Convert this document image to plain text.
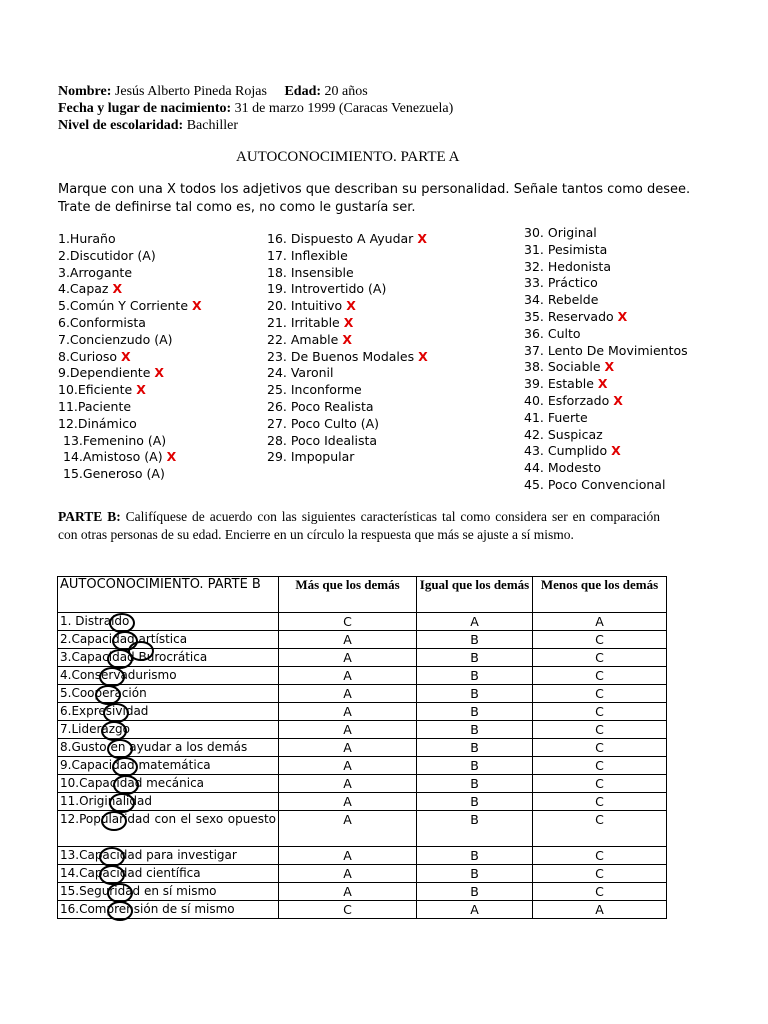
Nombre: Jesús Alberto Pineda Rojas Edad: 20 años
Fecha y lugar de nacimiento: 31 de marzo 1999 (Caracas Venezuela)
Nivel de escolaridad: Bachiller
AUTOCONOCIMIENTO. PARTE A
Marque con una X todos los adjetivos que describan su personalidad. Señale tantos como desee.
Trate de definirse tal como es, no como le gustaría ser.
1.Huraño
2.Discutidor (A)
3.Arrogante
4.Capaz X
5.Común Y Corriente X
6.Conformista
7.Concienzudo (A)
8.Curioso X
9.Dependiente X
10.Eficiente X
11.Paciente
12.Dinámico
13.Femenino (A)
14.Amistoso (A) X
15.Generoso (A)
16. Dispuesto A Ayudar X
17. Inflexible
18. Insensible
19. Introvertido (A)
20. Intuitivo X
21. Irritable X
22. Amable X
23. De Buenos Modales X
24. Varonil
25. Inconforme
26. Poco Realista
27. Poco Culto (A)
28. Poco Idealista
29. Impopular
30. Original
31. Pesimista
32. Hedonista
33. Práctico
34. Rebelde
35. Reservado X
36. Culto
37. Lento De Movimientos
38. Sociable X
39. Estable X
40. Esforzado X
41. Fuerte
42. Suspicaz
43. Cumplido X
44. Modesto
45. Poco Convencional
PARTE B: Califíquese de acuerdo con las siguientes características tal como considera ser en comparación con otras personas de su edad. Encierre en un círculo la respuesta que más se ajuste a sí mismo.
AUTOCONOCIMIENTO. PARTE B	Más que los demás	Igual que los demás	Menos que los demás
1. Distraído	C	A	A
2.Capacidad artística	A	B	C
3.Capacidad Burocrática	A	B	C
4.Conservadurismo	A	B	C
5.Cooperación	A	B	C
6.Expresividad	A	B	C
7.Liderazgo	A	B	C
8.Gusto en ayudar a los demás	A	B	C
9.Capacidad matemática	A	B	C
10.Capacidad mecánica	A	B	C
11.Originalidad	A	B	C
12.Popularidad con el sexo opuesto	A	B	C
13.Capacidad para investigar	A	B	C
14.Capacidad científica	A	B	C
15.Seguridad en sí mismo	A	B	C
16.Comprensión de sí mismo	C	A	A
